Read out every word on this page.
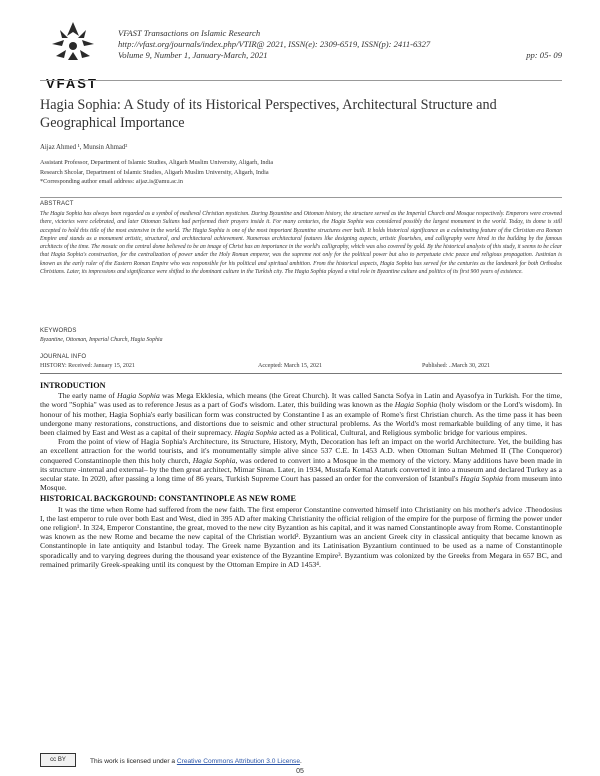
VFAST
VFAST Transactions on Islamic Research
http://vfast.org/journals/index.php/VTIR@ 2021, ISSN(e): 2309-6519, ISSN(p): 2411-6327
Volume 9, Number 1, January-March, 2021	pp: 05- 09
Hagia Sophia: A Study of its Historical Perspectives, Architectural Structure and Geographical Importance
Aijaz Ahmed ¹, Munsin Ahmad²
Assistant Professor, Department of Islamic Studies, Aligarh Muslim University, Aligarh, India
Research Shcolar, Department of Islamic Studies, Aligarh Muslim University, Aligarh, India
*Corresponding author email address: aijaz.is@amu.ac.in
ABSTRACT
The Hagia Sophia has always been regarded as a symbol of medieval Christian mysticism. During Byzantine and Ottoman history, the structure served as the Imperial Church and Mosque respectively. Emperors were crowned there, victories were celebrated, and later Ottoman Sultans had performed their prayers inside it. For many centuries, the Hagia Sophia was considered possibly the largest monument in the world. Today, its dome is still accepted to hold this title of the most extensive in the world. The Hagia Sophia is one of the most important Byzantine structures ever built. It holds historical significance as a culminating feature of the Christian era Roman Empire and stands as a monument artistic, structural, and architectural achievement. Numerous architectural features like designing aspects, artistic flourishes, and calligraphy were hired in the building by the famous architects of the time. The mosaic on the central dome believed to be an image of Christ has an importance in the world's calligraphy, which was also covered by gold. By the historical analysis of this study, it seems to be clear that Hagia Sophia's construction, for the centralization of power under the Holy Roman emperor, was the supreme not only for the political power but also to perpetuate civic peace and religious propagation. Justinian is known as the early ruler of the Eastern Roman Empire who was responsible for his political and spiritual ambition. From the historical aspects, Hagia Sophia has served for the centuries as the landmark for both Orthodox Christians. Later, its impressions and significance were shifted to the dominant culture in the Turkish city. The Hagia Sophia played a vital role in Byzantine culture and politics of its first 900 years of existence.
KEYWORDS
Byzantine, Ottoman, Imperial Church, Hagia Sophia
JOURNAL INFO
HISTORY: Received: January 15, 2021	Accepted: March 15, 2021	Published: ..March 30, 2021
INTRODUCTION

The early name of Hagia Sophia was Mega Ekklesia, which means (the Great Church). It was called Sancta Sofya in Latin and Ayasofya in Turkish. For the time, the word "Sophia" was used as to reference Jesus as a part of God's wisdom. Later, this building was known as the Hagia Sophia (holy wisdom or the Lord's wisdom). In honour of his mother, Hagia Sophia's early basilican form was constructed by Constantine I as an example of Rome's first Christian church. As the time pass it has been undergone many restorations, constructions, and distortions due to seismic and other structural problems. As the World's most remarkable building of any time, it has been claimed by East and West as a capital of their supremacy. Hagia Sophia acted as a Political, Cultural, and Religious symbolic bridge for various empires.

From the point of view of Hagia Sophia's Architecture, its Structure, History, Myth, Decoration has left an impact on the world Architecture. Yet, the building has an excellent attraction for the world tourists, and it's monumentally simple alive since 537 C.E. In 1453 A.D. when Ottoman Sultan Mehmed II (The Conqueror) conquered Constantinople then this holy church, Hagia Sophia, was ordered to convert into a Mosque in the memory of the victory. Many additions have been made in its structure -internal and external– by the then great architect, Mimar Sinan. Later, in 1934, Mustafa Kemal Ataturk converted it into a museum and declared Turkey as a secular state. In 2020, after passing a long time of 86 years, Turkish Supreme Court has passed an order for the conversion of Istanbul's Hagia Sophia from museum into Mosque.

HISTORICAL BACKGROUND: CONSTANTINOPLE AS NEW ROME

It was the time when Rome had suffered from the new faith. The first emperor Constantine converted himself into Christianity on his mother's advice .Theodosius I, the last emperor to rule over both East and West, died in 395 AD after making Christianity the official religion of the empire for the purpose of firming the power under one religion¹. In 324, Emperor Constantine, the great, moved to the new city Byzantion as his capital, and it was named Constantinople away from Rome. Constantinople was known as the new Rome and became the new capital of the Christian world². Byzantium was an ancient Greek city in classical antiquity that became known as Constantinople in late antiquity and Istanbul today. The Greek name Byzantion and its Latinisation Byzantium continued to be used as a name of Constantinople sporadically and to varying degrees during the thousand year existence of the Byzantine Empire³. Byzantium was colonized by the Greeks from Megara in 657 BC, and remained primarily Greek-speaking until its conquest by the Ottoman Empire in AD 1453⁴.

cc BY	This work is licensed under a Creative Commons Attribution 3.0 License.
05
